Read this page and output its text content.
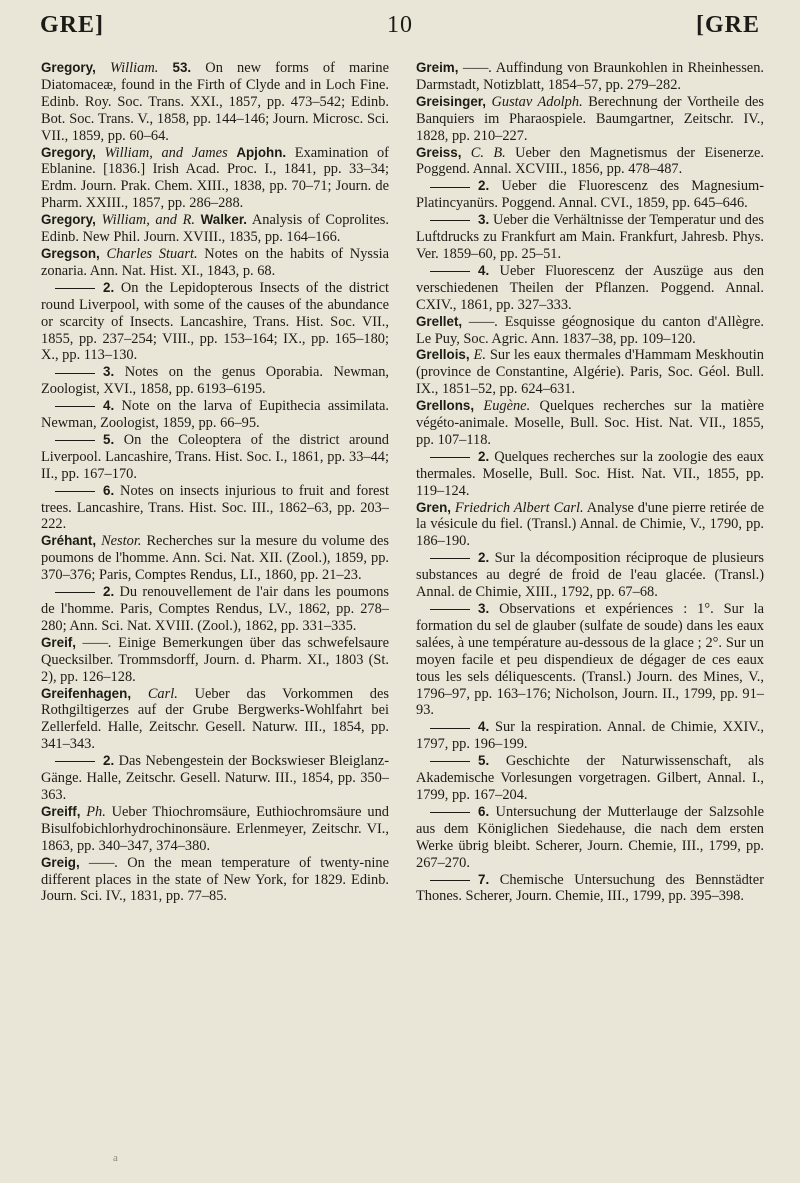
GRE]	10	[GRE

Gregory, William. 53. On new forms of marine Diatomaceæ, found in the Firth of Clyde and in Loch Fine. Edinb. Roy. Soc. Trans. XXI., 1857, pp. 473–542; Edinb. Bot. Soc. Trans. V., 1858, pp. 144–146; Journ. Microsc. Sci. VII., 1859, pp. 60–64.

Gregory, William, and James Apjohn. Examination of Eblanine. [1836.] Irish Acad. Proc. I., 1841, pp. 33–34; Erdm. Journ. Prak. Chem. XIII., 1838, pp. 70–71; Journ. de Pharm. XXIII., 1857, pp. 286–288.

Gregory, William, and R. Walker. Analysis of Coprolites. Edinb. New Phil. Journ. XVIII., 1835, pp. 164–166.

Gregson, Charles Stuart. Notes on the habits of Nyssia zonaria. Ann. Nat. Hist. XI., 1843, p. 68.

2. On the Lepidopterous Insects of the district round Liverpool, with some of the causes of the abundance or scarcity of Insects. Lancashire, Trans. Hist. Soc. VII., 1855, pp. 237–254; VIII., pp. 153–164; IX., pp. 165–180; X., pp. 113–130.

3. Notes on the genus Oporabia. Newman, Zoologist, XVI., 1858, pp. 6193–6195.

4. Note on the larva of Eupithecia assimilata. Newman, Zoologist, 1859, pp. 66–95.

5. On the Coleoptera of the district around Liverpool. Lancashire, Trans. Hist. Soc. I., 1861, pp. 33–44; II., pp. 167–170.

6. Notes on insects injurious to fruit and forest trees. Lancashire, Trans. Hist. Soc. III., 1862–63, pp. 203–222.

Gréhant, Nestor. Recherches sur la mesure du volume des poumons de l'homme. Ann. Sci. Nat. XII. (Zool.), 1859, pp. 370–376; Paris, Comptes Rendus, LI., 1860, pp. 21–23.

2. Du renouvellement de l'air dans les poumons de l'homme. Paris, Comptes Rendus, LV., 1862, pp. 278–280; Ann. Sci. Nat. XVIII. (Zool.), 1862, pp. 331–335.

Greif, ——. Einige Bemerkungen über das schwefelsaure Quecksilber. Trommsdorff, Journ. d. Pharm. XI., 1803 (St. 2), pp. 126–128.

Greifenhagen, Carl. Ueber das Vorkommen des Rothgiltigerzes auf der Grube Bergwerks-Wohlfahrt bei Zellerfeld. Halle, Zeitschr. Gesell. Naturw. III., 1854, pp. 341–343.

2. Das Nebengestein der Bockswieser Bleiglanz-Gänge. Halle, Zeitschr. Gesell. Naturw. III., 1854, pp. 350–363.

Greiff, Ph. Ueber Thiochromsäure, Euthiochromsäure und Bisulfobichlorhydrochinonsäure. Erlenmeyer, Zeitschr. VI., 1863, pp. 340–347, 374–380.

Greig, ——. On the mean temperature of twenty-nine different places in the state of New York, for 1829. Edinb. Journ. Sci. IV., 1831, pp. 77–85.

Greim, ——. Auffindung von Braunkohlen in Rheinhessen. Darmstadt, Notizblatt, 1854–57, pp. 279–282.

Greisinger, Gustav Adolph. Berechnung der Vortheile des Banquiers im Pharaospiele. Baumgartner, Zeitschr. IV., 1828, pp. 210–227.

Greiss, C. B. Ueber den Magnetismus der Eisenerze. Poggend. Annal. XCVIII., 1856, pp. 478–487.

2. Ueber die Fluorescenz des Magnesium-Platincyanürs. Poggend. Annal. CVI., 1859, pp. 645–646.

3. Ueber die Verhältnisse der Temperatur und des Luftdrucks zu Frankfurt am Main. Frankfurt, Jahresb. Phys. Ver. 1859–60, pp. 25–51.

4. Ueber Fluorescenz der Auszüge aus den verschiedenen Theilen der Pflanzen. Poggend. Annal. CXIV., 1861, pp. 327–333.

Grellet, ——. Esquisse géognosique du canton d'Allègre. Le Puy, Soc. Agric. Ann. 1837–38, pp. 109–120.

Grellois, E. Sur les eaux thermales d'Hammam Meskhoutin (province de Constantine, Algérie). Paris, Soc. Géol. Bull. IX., 1851–52, pp. 624–631.

Grellons, Eugène. Quelques recherches sur la matière végéto-animale. Moselle, Bull. Soc. Hist. Nat. VII., 1855, pp. 107–118.

2. Quelques recherches sur la zoologie des eaux thermales. Moselle, Bull. Soc. Hist. Nat. VII., 1855, pp. 119–124.

Gren, Friedrich Albert Carl. Analyse d'une pierre retirée de la vésicule du fiel. (Transl.) Annal. de Chimie, V., 1790, pp. 186–190.

2. Sur la décomposition réciproque de plusieurs substances au degré de froid de l'eau glacée. (Transl.) Annal. de Chimie, XIII., 1792, pp. 67–68.

3. Observations et expériences : 1°. Sur la formation du sel de glauber (sulfate de soude) dans les eaux salées, à une température au-dessous de la glace ; 2°. Sur un moyen facile et peu dispendieux de dégager de ces eaux tous les sels déliquescents. (Transl.) Journ. des Mines, V., 1796–97, pp. 163–176; Nicholson, Journ. II., 1799, pp. 91–93.

4. Sur la respiration. Annal. de Chimie, XXIV., 1797, pp. 196–199.

5. Geschichte der Naturwissenschaft, als Akademische Vorlesungen vorgetragen. Gilbert, Annal. I., 1799, pp. 167–204.

6. Untersuchung der Mutterlauge der Salzsohle aus dem Königlichen Siedehause, die nach dem ersten Werke übrig bleibt. Scherer, Journ. Chemie, III., 1799, pp. 267–270.

7. Chemische Untersuchung des Bennstädter Thones. Scherer, Journ. Chemie, III., 1799, pp. 395–398.

a
